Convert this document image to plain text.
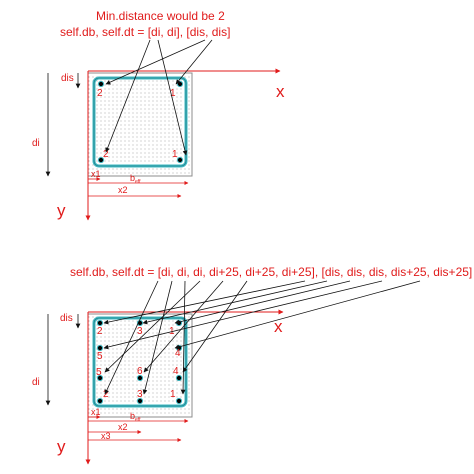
Min.distance would be 2
self.db, self.dt = [di, di], [dis, dis]
x
y
di
dis
2	1
2	1
x1	$b_{eff}$
x2
self.db, self.dt = [di, di, di, di+25, di+25, di+25], [dis, dis, dis, dis+25, dis+25]
x
y
di
dis
2	3	1
5	4
5	6	4
2	3	1
x1	$b_{eff}$
x2
x3
